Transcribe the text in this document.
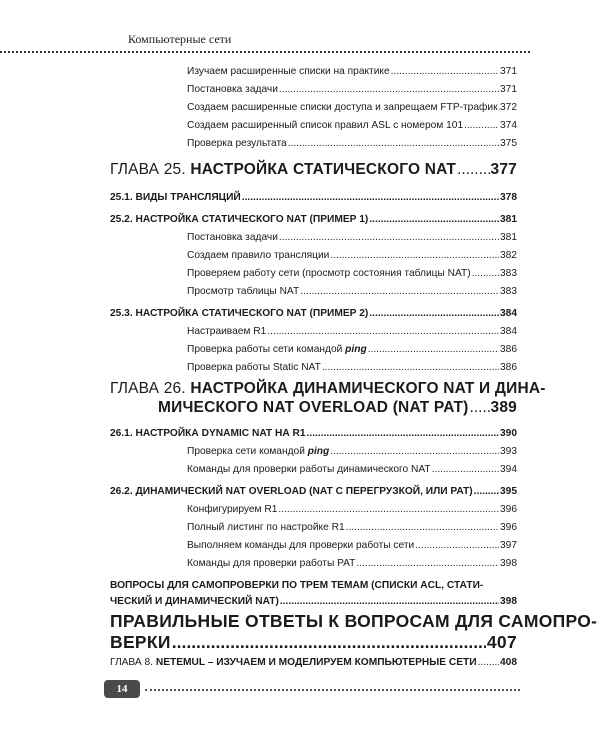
Компьютерные сети
Изучаем расширенные списки на практике .....	371
Постановка задачи .....	371
Создаем расширенные списки доступа и запрещаем FTP-трафик ..... 372
Создаем расширенный список правил ASL с номером 101 .....	374
Проверка результата .....	375
ГЛАВА 25. НАСТРОЙКА СТАТИЧЕСКОГО NAT ..... 377
25.1. ВИДЫ ТРАНСЛЯЦИЙ .....	378
25.2. НАСТРОЙКА СТАТИЧЕСКОГО NAT (ПРИМЕР 1) .....	381
Постановка задачи .....	381
Создаем правило трансляции .....	382
Проверяем работу сети (просмотр состояния таблицы NAT) .....	383
Просмотр таблицы NAT .....	383
25.3. НАСТРОЙКА СТАТИЧЕСКОГО NAT (ПРИМЕР 2) .....	384
Настраиваем R1 .....	384
Проверка работы сети командой ping .....	386
Проверка работы Static NAT .....	386
ГЛАВА 26. НАСТРОЙКА ДИНАМИЧЕСКОГО NAT И ДИНА-
МИЧЕСКОГО NAT OVERLOAD (NAT PAT) ..... 389
26.1. НАСТРОЙКА DYNAMIC NAT НА R1 .....	390
Проверка сети командой ping .....	393
Команды для проверки работы динамического NAT .....	394
26.2. ДИНАМИЧЕСКИЙ NAT OVERLOAD (NAT С ПЕРЕГРУЗКОЙ, ИЛИ PAT) .....	395
Конфигурируем R1 .....	396
Полный листинг по настройке R1 .....	396
Выполняем команды для проверки работы сети .....	397
Команды для проверки работы PAT .....	398
ВОПРОСЫ ДЛЯ САМОПРОВЕРКИ ПО ТРЕМ ТЕМАМ (СПИСКИ ACL, СТАТИ-
ЧЕСКИЙ И ДИНАМИЧЕСКИЙ NAT) .....	398
ПРАВИЛЬНЫЕ ОТВЕТЫ К ВОПРОСАМ ДЛЯ САМОПРО-
ВЕРКИ .....	407
ГЛАВА 8. NETEMUL – ИЗУЧАЕМ И МОДЕЛИРУЕМ КОМПЬЮТЕРНЫЕ СЕТИ ..... 408
14
